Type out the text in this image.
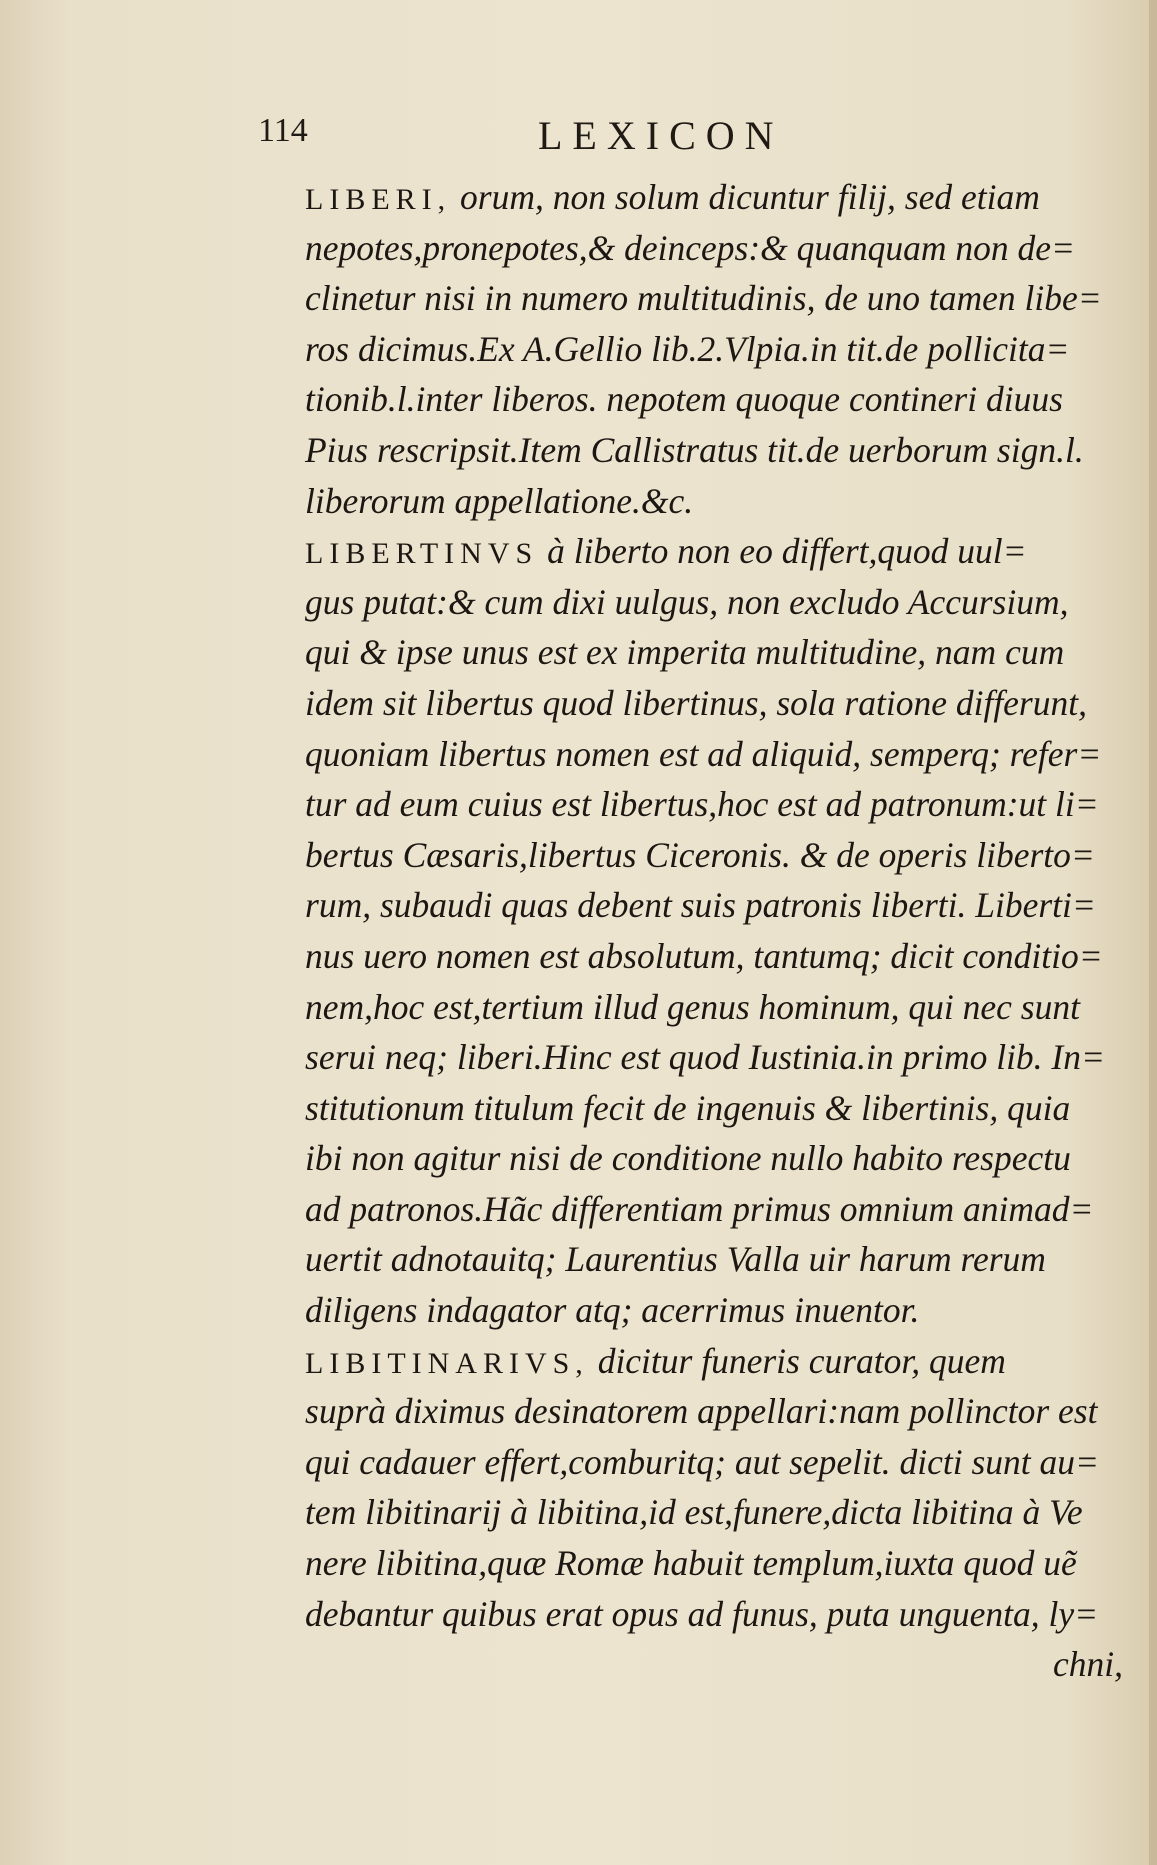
114	LEXICON
LIBERI, orum, non solum dicuntur filij, sed etiam
nepotes,pronepotes,& deinceps:& quanquam non de=
clinetur nisi in numero multitudinis, de uno tamen libe=
ros dicimus.Ex A.Gellio lib.2.Vlpia.in tit.de pollicita=
tionib.l.inter liberos. nepotem quoque contineri diuus
Pius rescripsit.Item Callistratus tit.de uerborum sign.l.
liberorum appellatione.&c.
LIBERTINVS à liberto non eo differt,quod uul=
gus putat:& cum dixi uulgus, non excludo Accursium,
qui & ipse unus est ex imperita multitudine, nam cum
idem sit libertus quod libertinus, sola ratione differunt,
quoniam libertus nomen est ad aliquid, semperq; refer=
tur ad eum cuius est libertus,hoc est ad patronum:ut li=
bertus Cæsaris,libertus Ciceronis. & de operis liberto=
rum, subaudi quas debent suis patronis liberti. Liberti=
nus uero nomen est absolutum, tantumq; dicit conditio=
nem,hoc est,tertium illud genus hominum, qui nec sunt
serui neq; liberi.Hinc est quod Iustinia.in primo lib. In=
stitutionum titulum fecit de ingenuis & libertinis, quia
ibi non agitur nisi de conditione nullo habito respectu
ad patronos.Hãc differentiam primus omnium animad=
uertit adnotauitq; Laurentius Valla uir harum rerum
diligens indagator atq; acerrimus inuentor.
LIBITINARIVS, dicitur funeris curator, quem
suprà diximus desinatorem appellari:nam pollinctor est
qui cadauer effert,comburitq; aut sepelit. dicti sunt au=
tem libitinarij à libitina,id est,funere,dicta libitina à Ve
nere libitina,quæ Romæ habuit templum,iuxta quod uẽ
debantur quibus erat opus ad funus, puta unguenta, ly=
chni,
